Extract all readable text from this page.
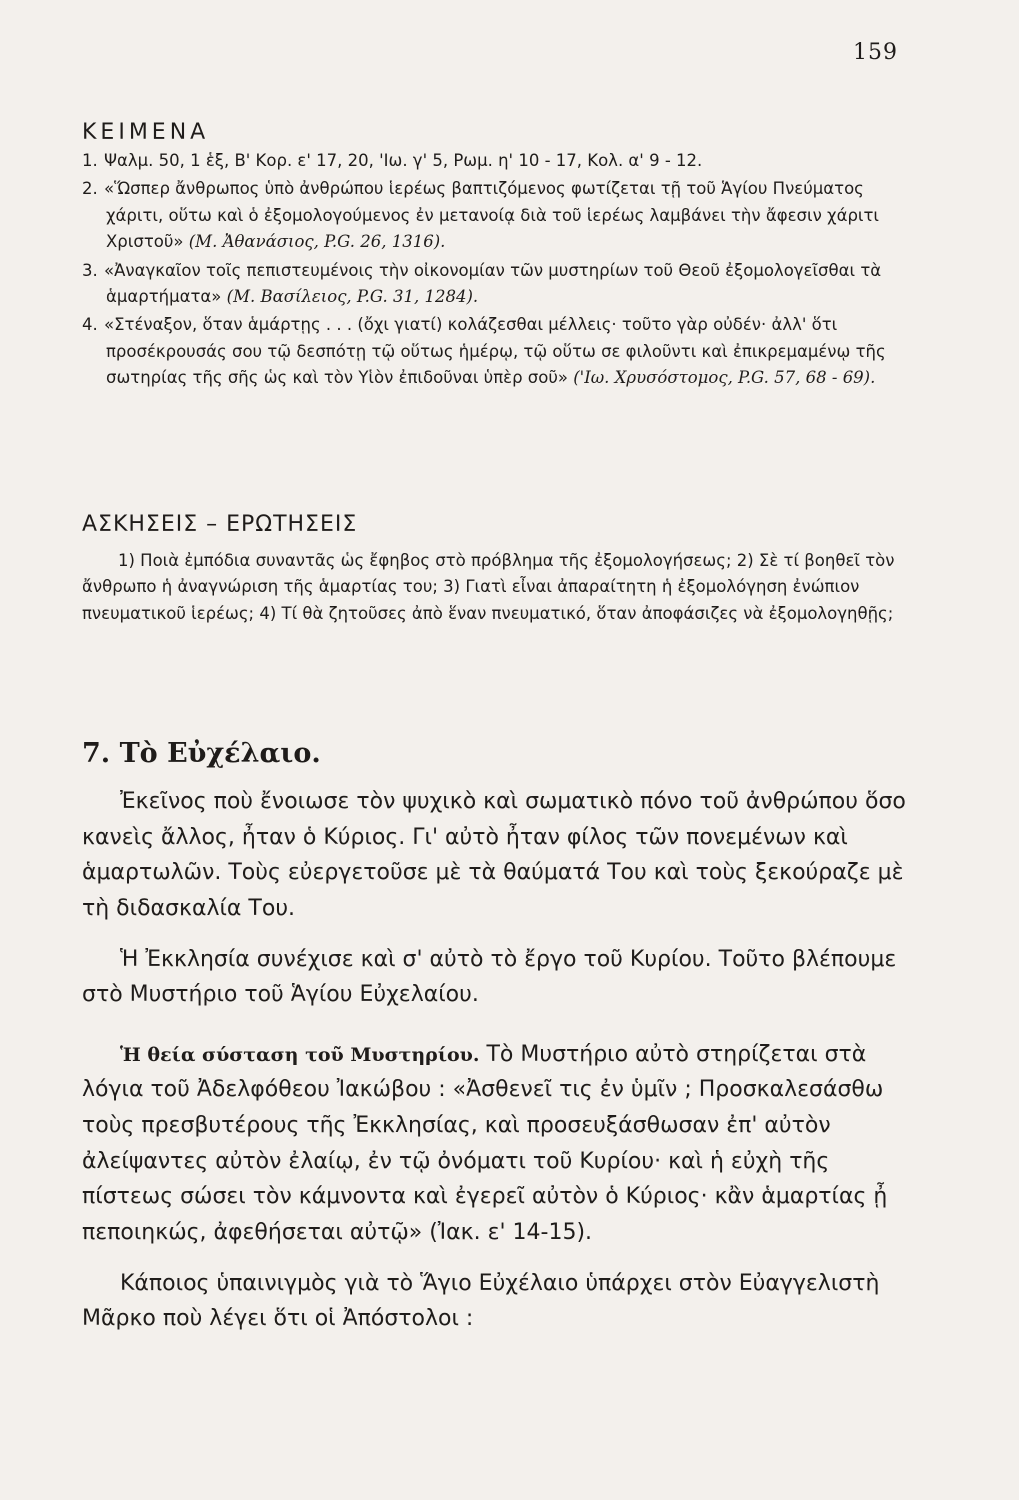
159
ΚΕΙΜΕΝΑ

1. Ψαλμ. 50, 1 ἑξ, Β' Κορ. ε' 17, 20, 'Ιω. γ' 5, Ρωμ. η' 10 - 17, Κολ. α' 9 - 12.

2. «Ὥσπερ ἄνθρωπος ὑπὸ ἀνθρώπου ἱερέως βαπτιζόμενος φωτίζεται τῇ τοῦ Ἁγίου Πνεύματος χάριτι, οὕτω καὶ ὁ ἐξομολογούμενος ἐν μετανοίᾳ διὰ τοῦ ἱερέως λαμβάνει τὴν ἄφεσιν χάριτι Χριστοῦ» (Μ. Ἀθανάσιος, P.G. 26, 1316).

3. «Ἀναγκαῖον τοῖς πεπιστευμένοις τὴν οἰκονομίαν τῶν μυστηρίων τοῦ Θεοῦ ἐξομολογεῖσθαι τὰ ἁμαρτήματα» (Μ. Βασίλειος, P.G. 31, 1284).

4. «Στέναξον, ὅταν ἁμάρτῃς . . . (ὄχι γιατί) κολάζεσθαι μέλλεις· τοῦτο γὰρ οὐδέν· ἀλλ' ὅτι προσέκρουσάς σου τῷ δεσπότῃ τῷ οὕτως ἡμέρῳ, τῷ οὕτω σε φιλοῦντι καὶ ἐπικρεμαμένῳ τῆς σωτηρίας τῆς σῆς ὡς καὶ τὸν Υἱὸν ἐπιδοῦναι ὑπὲρ σοῦ» ('Ιω. Χρυσόστομος, P.G. 57, 68 - 69).

ΑΣΚΗΣΕΙΣ – ΕΡΩΤΗΣΕΙΣ

1) Ποιὰ ἐμπόδια συναντᾶς ὡς ἔφηβος στὸ πρόβλημα τῆς ἐξομολογήσεως; 2) Σὲ τί βοηθεῖ τὸν ἄνθρωπο ἡ ἀναγνώριση τῆς ἁμαρτίας του; 3) Γιατὶ εἶναι ἀπαραίτητη ἡ ἐξομολόγηση ἐνώπιον πνευματικοῦ ἱερέως; 4) Τί θὰ ζητοῦσες ἀπὸ ἕναν πνευματικό, ὅταν ἀποφάσιζες νὰ ἐξομολογηθῇς;

7. Τὸ Εὐχέλαιο.

Ἐκεῖνος ποὺ ἔνοιωσε τὸν ψυχικὸ καὶ σωματικὸ πόνο τοῦ ἀνθρώπου ὅσο κανεὶς ἄλλος, ἦταν ὁ Κύριος. Γι' αὐτὸ ἦταν φίλος τῶν πονεμένων καὶ ἁμαρτωλῶν. Τοὺς εὐεργετοῦσε μὲ τὰ θαύματά Του καὶ τοὺς ξεκούραζε μὲ τὴ διδασκαλία Του.

Ἡ Ἐκκλησία συνέχισε καὶ σ' αὐτὸ τὸ ἔργο τοῦ Κυρίου. Τοῦτο βλέπουμε στὸ Μυστήριο τοῦ Ἁγίου Εὐχελαίου.

Ἡ θεία σύσταση τοῦ Μυστηρίου. Τὸ Μυστήριο αὐτὸ στηρίζεται στὰ λόγια τοῦ Ἀδελφόθεου Ἰακώβου : «Ἀσθενεῖ τις ἐν ὑμῖν ; Προσκαλεσάσθω τοὺς πρεσβυτέρους τῆς Ἐκκλησίας, καὶ προσευξάσθωσαν ἐπ' αὐτὸν ἀλείψαντες αὐτὸν ἐλαίῳ, ἐν τῷ ὀνόματι τοῦ Κυρίου· καὶ ἡ εὐχὴ τῆς πίστεως σώσει τὸν κάμνοντα καὶ ἐγερεῖ αὐτὸν ὁ Κύριος· κἂν ἁμαρτίας ᾖ πεποιηκώς, ἀφεθήσεται αὐτῷ» (Ἰακ. ε' 14-15).

Κάποιος ὑπαινιγμὸς γιὰ τὸ Ἅγιο Εὐχέλαιο ὑπάρχει στὸν Εὐαγγελιστὴ Μᾶρκο ποὺ λέγει ὅτι οἱ Ἀπόστολοι :
